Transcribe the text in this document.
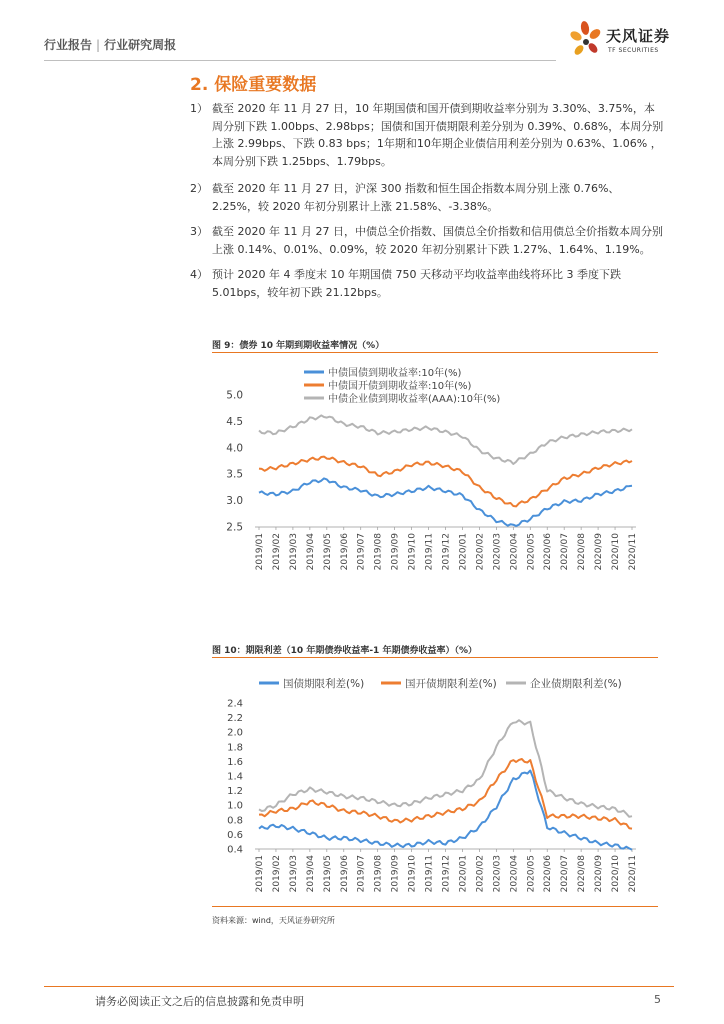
行业报告 | 行业研究周报	天风证券
TF SECURITIES
2. 保险重要数据
1） 截至 2020 年 11 月 27 日，10 年期国债和国开债到期收益率分别为 3.30%、3.75%，本周分别下跌 1.00bps、2.98bps；国债和国开债期限利差分别为 0.39%、0.68%，本周分别上涨 2.99bps、下跌 0.83 bps；1年期和10年期企业债信用利差分别为 0.63%、1.06% ，本周分别下跌 1.25bps、1.79bps。
2） 截至 2020 年 11 月 27 日，沪深 300 指数和恒生国企指数本周分别上涨 0.76%、2.25%，较 2020 年初分别累计上涨 21.58%、-3.38%。
3） 截至 2020 年 11 月 27 日，中债总全价指数、国债总全价指数和信用债总全价指数本周分别上涨 0.14%、0.01%、0.09%，较 2020 年初分别累计下跌 1.27%、1.64%、1.19%。
4） 预计 2020 年 4 季度末 10 年期国债 750 天移动平均收益率曲线将环比 3 季度下跌 5.01bps，较年初下跌 21.12bps。
图 9：债券 10 年期到期收益率情况（%）
2.5
3.0
3.5
4.0
4.5
5.0
2019/01 2019/02 2019/03 2019/04 2019/05 2019/06 2019/07 2019/08 2019/09 2019/10 2019/11 2019/12 2020/01 2020/02 2020/03 2020/04 2020/05 2020/06 2020/07 2020/08 2020/09 2020/10 2020/11
中债国债到期收益率:10年(%)
中债国开债到期收益率:10年(%)
中债企业债到期收益率(AAA):10年(%)
图 10：期限利差（10 年期债券收益率-1 年期债券收益率）（%）
0.4
0.6
0.8
1.0
1.2
1.4
1.6
1.8
2.0
2.2
2.4
2019/01 2019/02 2019/03 2019/04 2019/05 2019/06 2019/07 2019/08 2019/09 2019/10 2019/11 2019/12 2020/01 2020/02 2020/03 2020/04 2020/05 2020/06 2020/07 2020/08 2020/09 2020/10 2020/11
国债期限利差(%)	国开债期限利差(%)	企业债期限利差(%)
资料来源：wind，天风证券研究所
请务必阅读正文之后的信息披露和免责申明	5
